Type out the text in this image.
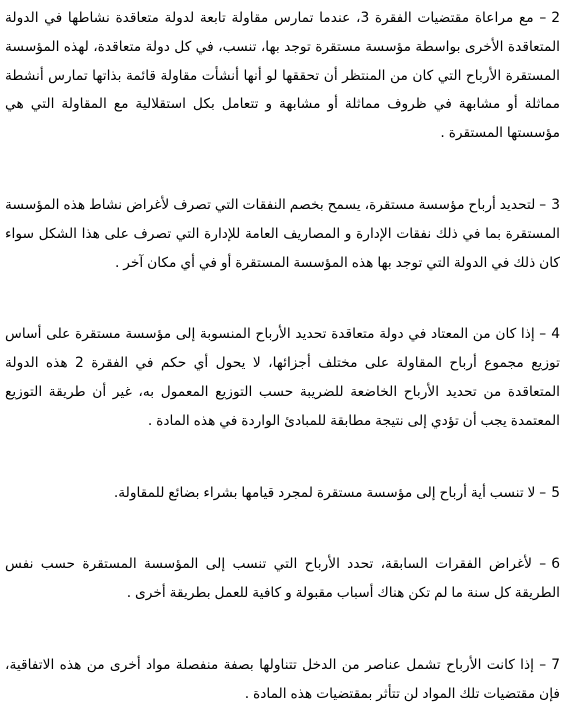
2– مع مراعاة مقتضيات الفقرة 3، عندما تمارس مقاولة تابعة لدولة متعاقدة نشاطها في الدولة المتعاقدة الأخرى بواسطة مؤسسة مستقرة توجد بها، تنسب، في كل دولة متعاقدة، لهذه المؤسسة المستقرة الأرباح التي كان من المنتظر أن تحققها لو أنها أنشأت مقاولة قائمة بذاتها تمارس أنشطة مماثلة أو مشابهة في ظروف مماثلة أو مشابهة و تتعامل بكل استقلالية مع المقاولة التي هي مؤسستها المستقرة .

3– لتحديد أرباح مؤسسة مستقرة، يسمح بخصم النفقات التي تصرف لأغراض نشاط هذه المؤسسة المستقرة بما في ذلك نفقات الإدارة و المصاريف العامة للإدارة التي تصرف على هذا الشكل سواء كان ذلك في الدولة التي توجد بها هذه المؤسسة المستقرة أو في أي مكان آخر .

4– إذا كان من المعتاد في دولة متعاقدة تحديد الأرباح المنسوبة إلى مؤسسة مستقرة على أساس توزيع مجموع أرباح المقاولة على مختلف أجزائها، لا يحول أي حكم في الفقرة 2 هذه الدولة المتعاقدة من تحديد الأرباح الخاضعة للضريبة حسب التوزيع المعمول به، غير أن طريقة التوزيع المعتمدة يجب أن تؤدي إلى نتيجة مطابقة للمبادئ الواردة في هذه المادة .

5– لا تنسب أية أرباح إلى مؤسسة مستقرة لمجرد قيامها بشراء بضائع للمقاولة.

6– لأغراض الفقرات السابقة، تحدد الأرباح التي تنسب إلى المؤسسة المستقرة حسب نفس الطريقة كل سنة ما لم تكن هناك أسباب مقبولة و كافية للعمل بطريقة أخرى .

7– إذا كانت الأرباح تشمل عناصر من الدخل تتناولها بصفة منفصلة مواد أخرى من هذه الاتفاقية، فإن مقتضيات تلك المواد لن تتأثر بمقتضيات هذه المادة .
